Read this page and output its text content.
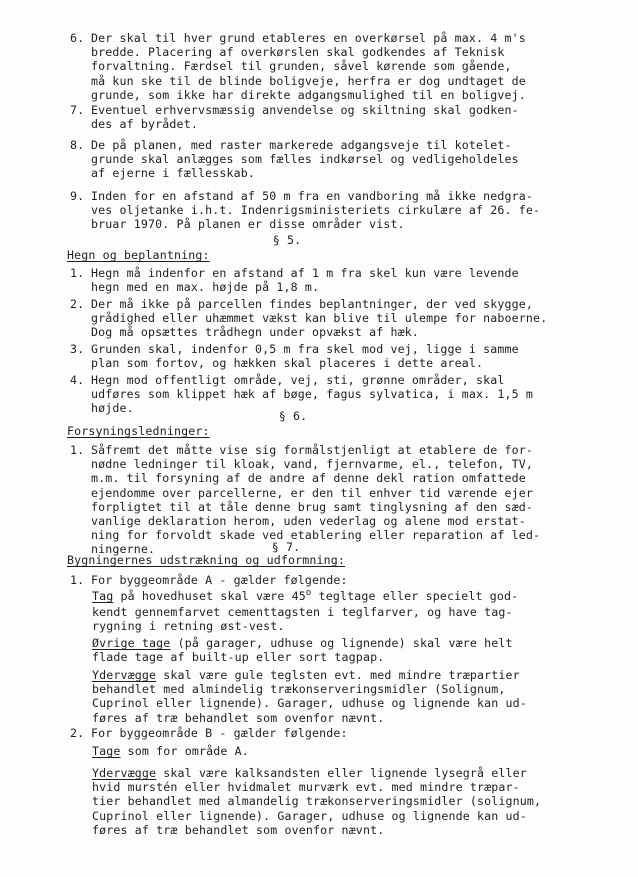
6. Der skal til hver grund etableres en overkørsel på max. 4 m's
bredde. Placering af overkørslen skal godkendes af Teknisk
forvaltning. Færdsel til grunden, såvel kørende som gående,
må kun ske til de blinde boligveje, herfra er dog undtaget de
grunde, som ikke har direkte adgangsmulighed til en boligvej.
7. Eventuel erhvervsmæssig anvendelse og skiltning skal godken-
des af byrådet.
8. De på planen, med raster markerede adgangsveje til kotelet-
grunde skal anlægges som fælles indkørsel og vedligeholdeles
af ejerne i fællesskab.
9. Inden for en afstand af 50 m fra en vandboring må ikke nedgra-
ves oljetanke i.h.t. Indenrigsministeriets cirkulære af 26. fe-
bruar 1970. På planen er disse områder vist.
§ 5.
Hegn og beplantning:
1. Hegn må indenfor en afstand af 1 m fra skel kun være levende
hegn med en max. højde på 1,8 m.
2. Der må ikke på parcellen findes beplantninger, der ved skygge,
grådighed eller uhæmmet vækst kan blive til ulempe for naboerne.
Dog må opsættes trådhegn under opvækst af hæk.
3. Grunden skal, indenfor 0,5 m fra skel mod vej, ligge i samme
plan som fortov, og hækken skal placeres i dette areal.
4. Hegn mod offentligt område, vej, sti, grønne områder, skal
udføres som klippet hæk af bøge, fagus sylvatica, i max. 1,5 m
højde.
§ 6.
Forsyningsledninger:
1. Såfremt det måtte vise sig formålstjenligt at etablere de for-
nødne ledninger til kloak, vand, fjernvarme, el., telefon, TV,
m.m. til forsyning af de andre af denne dekl ration omfattede
ejendomme over parcellerne, er den til enhver tid værende ejer
forpligtet til at tåle denne brug samt tinglysning af den sæd-
vanlige deklaration herom, uden vederlag og alene mod erstat-
ning for forvoldt skade ved etablering eller reparation af led-
ningerne.	§ 7.
Bygningernes udstrækning og udformning:
1. For byggeområde A - gælder følgende:
Tag på hovedhuset skal være 45$^o$ tegltage eller specielt god-
kendt gennemfarvet cementtagsten i teglfarver, og have tag-
rygning i retning øst-vest.
Øvrige tage (på garager, udhuse og lignende) skal være helt
flade tage af built-up eller sort tagpap.
Ydervægge skal være gule teglsten evt. med mindre træpartier
behandlet med almindelig trækonserveringsmidler (Solignum,
Cuprinol eller lignende). Garager, udhuse og lignende kan ud-
føres af træ behandlet som ovenfor nævnt.
2. For byggeområde B - gælder følgende:
Tage som for område A.
Ydervægge skal være kalksandsten eller lignende lysegrå eller
hvid murstén eller hvidmalet murværk evt. med mindre træpar-
tier behandlet med almandelig trækonserveringsmidler (solignum,
Cuprinol eller lignende). Garager, udhuse og lignende kan ud-
føres af træ behandlet som ovenfor nævnt.
